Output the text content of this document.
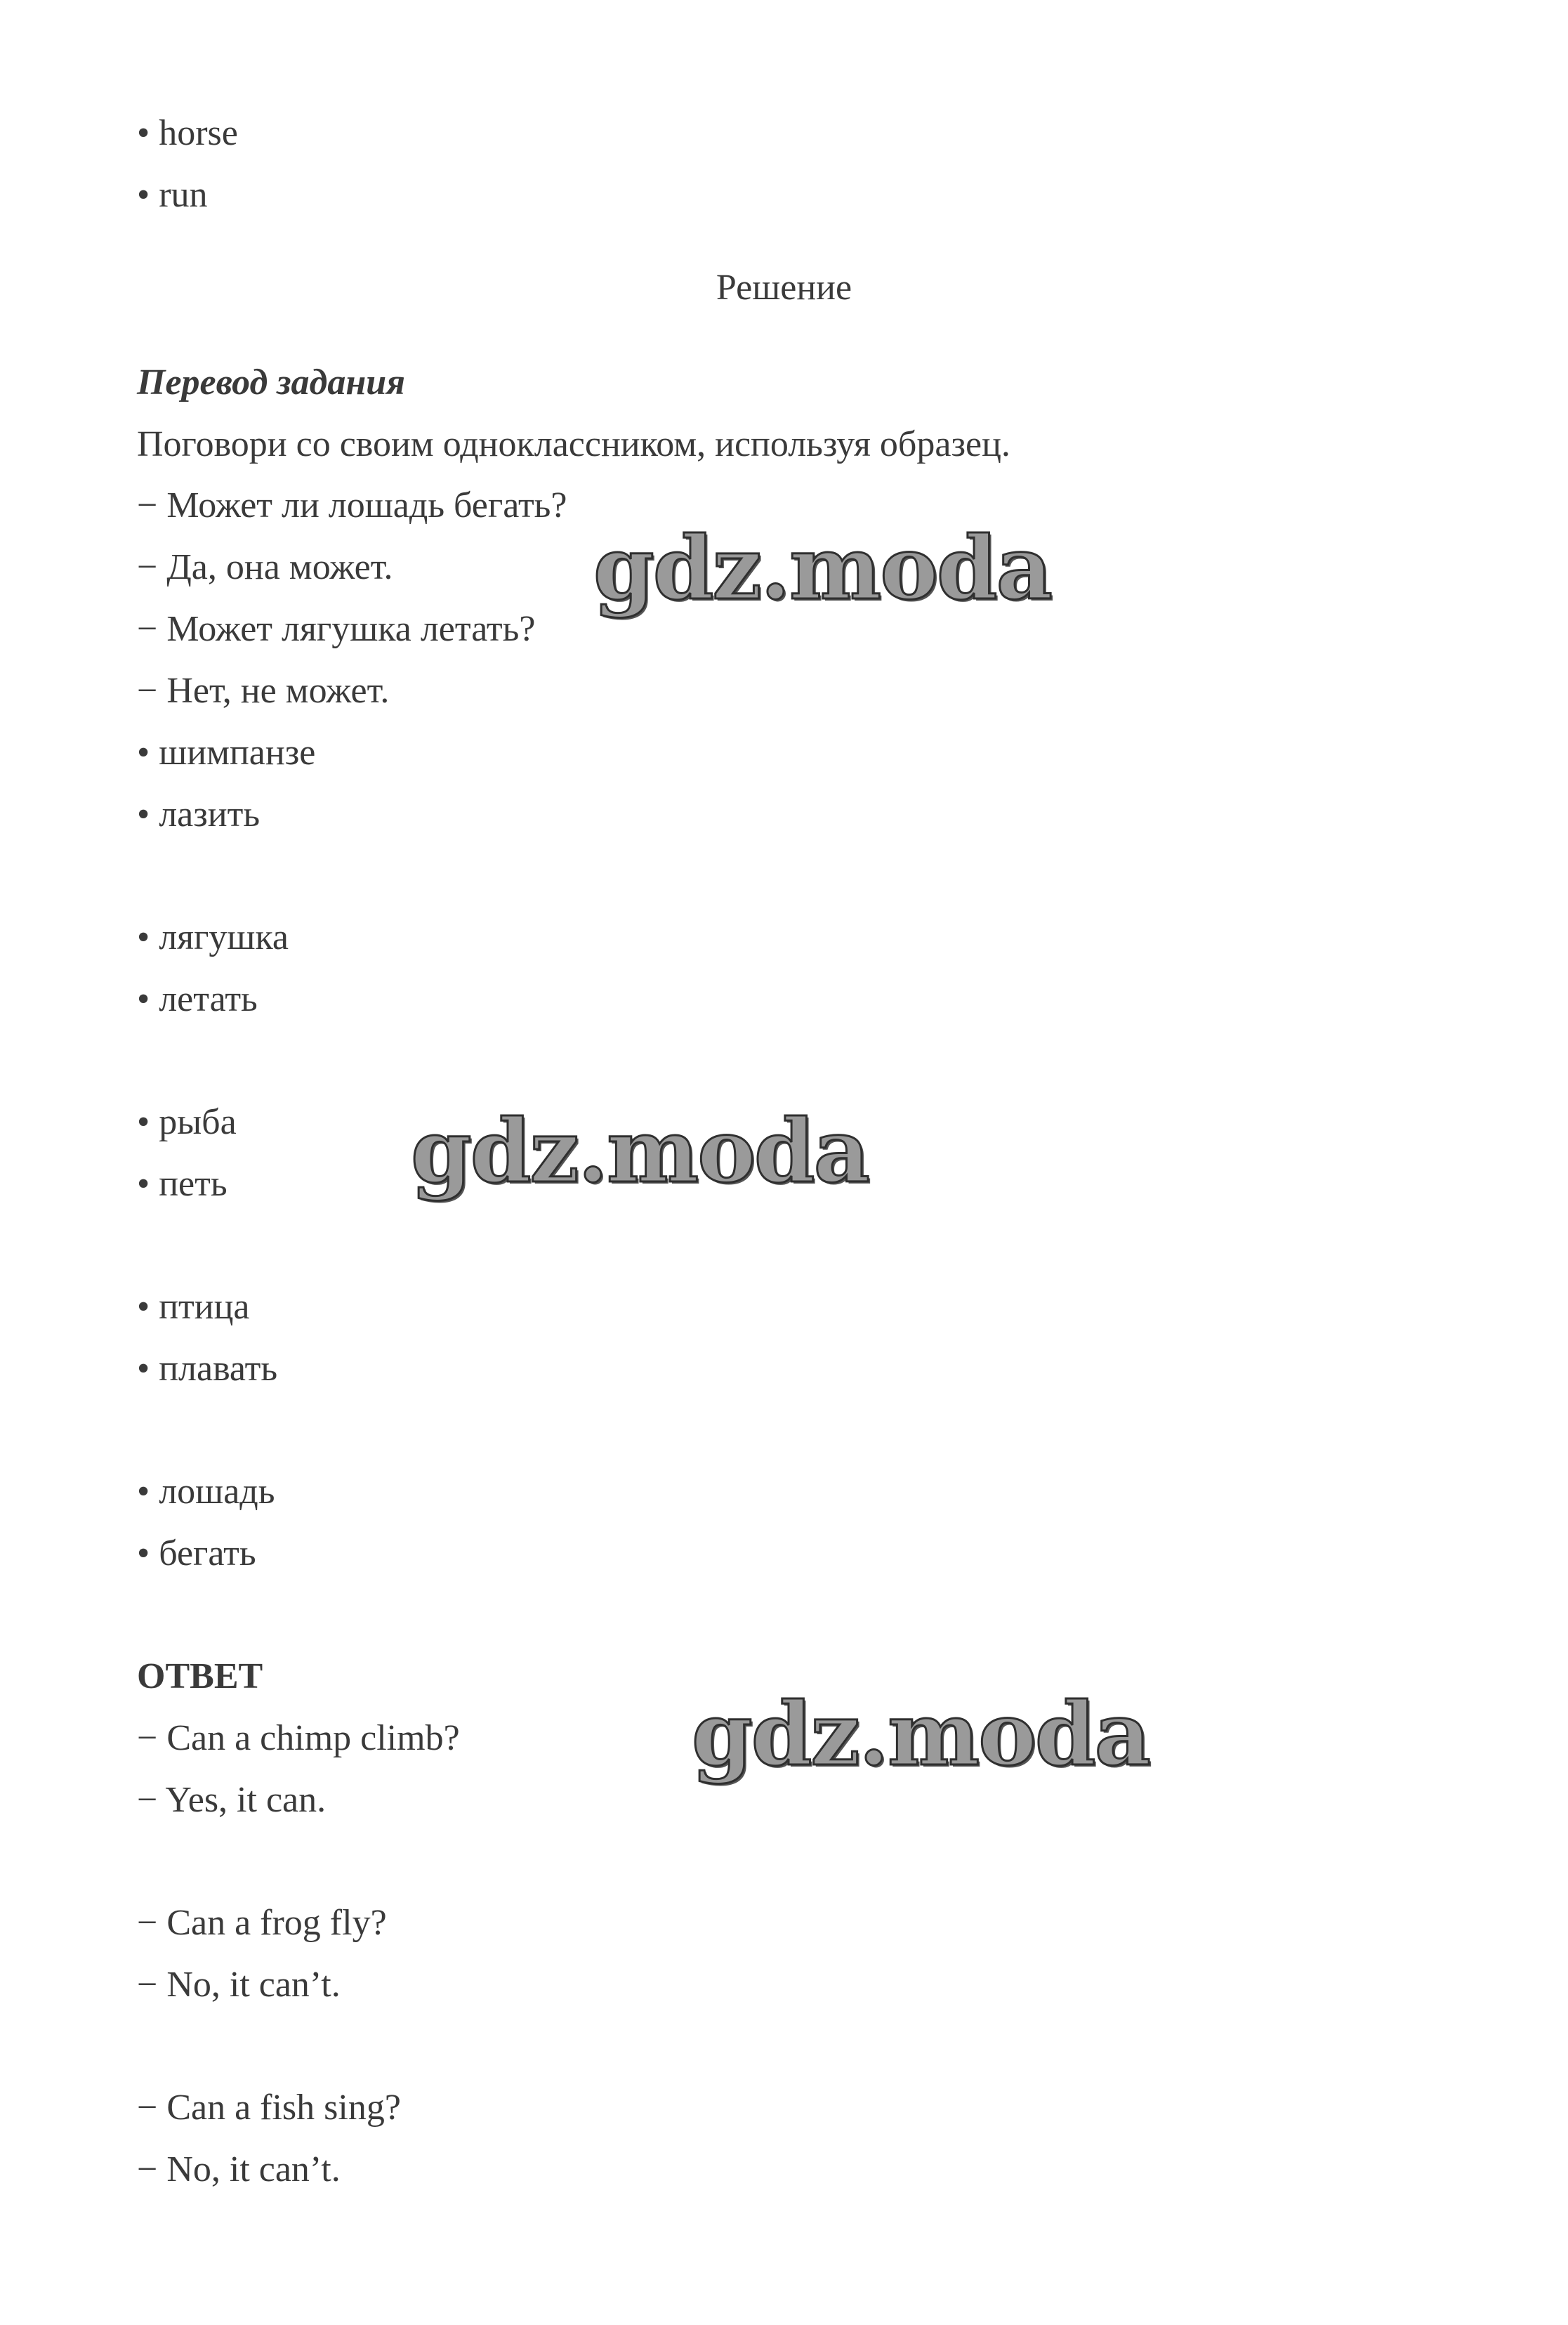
• horse
• run
Решение
Перевод задания
Поговори со своим одноклассником, используя образец.
− Может ли лошадь бегать?
− Да, она может.
− Может лягушка летать?
− Нет, не может.
• шимпанзе
• лазить
• лягушка
• летать
• рыба
• петь
• птица
• плавать
• лошадь
• бегать
ОТВЕТ
− Can a chimp climb?
− Yes, it can.
− Can a frog fly?
− No, it can’t.
− Can a fish sing?
− No, it can’t.
gdz.moda
gdz.moda
gdz.moda
